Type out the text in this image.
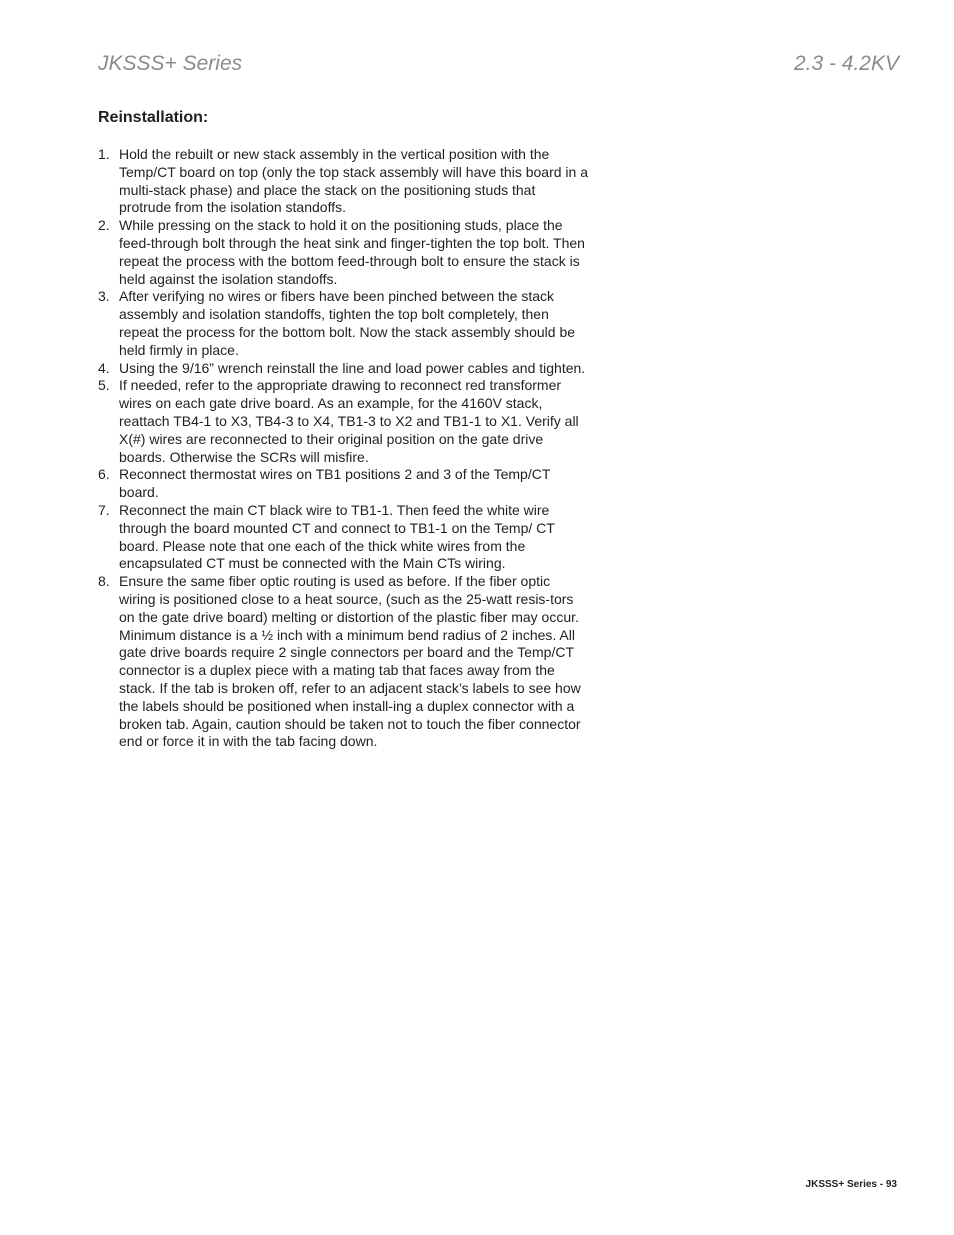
JKSSS+ Series	2.3 - 4.2KV
Reinstallation:
1. Hold the rebuilt or new stack assembly in the vertical position with the Temp/CT board on top (only the top stack assembly will have this board in a multi-stack phase) and place the stack on the positioning studs that protrude from the isolation standoffs.
2. While pressing on the stack to hold it on the positioning studs, place the feed-through bolt through the heat sink and finger-tighten the top bolt. Then repeat the process with the bottom feed-through bolt to ensure the stack is held against the isolation standoffs.
3. After verifying no wires or fibers have been pinched between the stack assembly and isolation standoffs, tighten the top bolt completely, then repeat the process for the bottom bolt. Now the stack assembly should be held firmly in place.
4. Using the 9/16” wrench reinstall the line and load power cables and tighten.
5. If needed, refer to the appropriate drawing to reconnect red transformer wires on each gate drive board. As an example, for the 4160V stack, reattach TB4-1 to X3, TB4-3 to X4, TB1-3 to X2 and TB1-1 to X1. Verify all X(#) wires are reconnected to their original position on the gate drive boards. Otherwise the SCRs will misfire.
6. Reconnect thermostat wires on TB1 positions 2 and 3 of the Temp/CT board.
7. Reconnect the main CT black wire to TB1-1. Then feed the white wire through the board mounted CT and connect to TB1-1 on the Temp/ CT board. Please note that one each of the thick white wires from the encapsulated CT must be connected with the Main CTs wiring.
8. Ensure the same fiber optic routing is used as before. If the fiber optic wiring is positioned close to a heat source, (such as the 25-watt resis-tors on the gate drive board) melting or distortion of the plastic fiber may occur. Minimum distance is a ½ inch with a minimum bend radius of 2 inches. All gate drive boards require 2 single connectors per board and the Temp/CT connector is a duplex piece with a mating tab that faces away from the stack. If the tab is broken off, refer to an adjacent stack’s labels to see how the labels should be positioned when install-ing a duplex connector with a broken tab. Again, caution should be taken not to touch the fiber connector end or force it in with the tab facing down.
JKSSS+ Series - 93
